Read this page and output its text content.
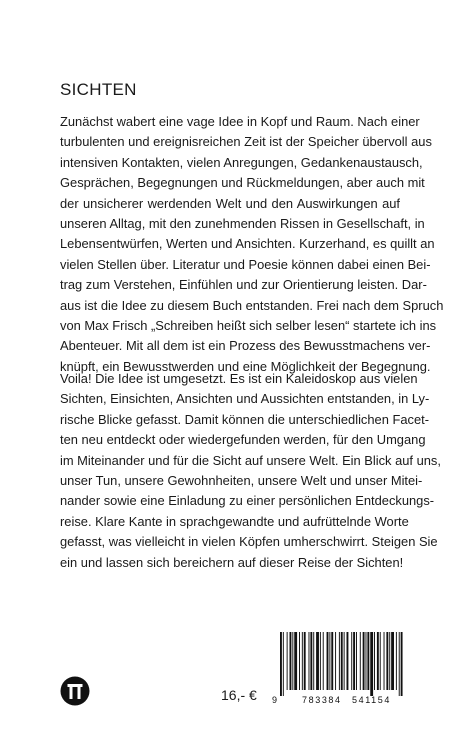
SICHTEN
Zunächst wabert eine vage Idee in Kopf und Raum. Nach einer
turbulenten und ereignisreichen Zeit ist der Speicher übervoll aus
intensiven Kontakten, vielen Anregungen, Gedankenaustausch,
Gesprächen, Begegnungen und Rückmeldungen, aber auch mit
der unsicherer werdenden Welt und den Auswirkungen auf
unseren Alltag, mit den zunehmenden Rissen in Gesellschaft, in
Lebensentwürfen, Werten und Ansichten. Kurzerhand, es quillt an
vielen Stellen über. Literatur und Poesie können dabei einen Bei-
trag zum Verstehen, Einfühlen und zur Orientierung leisten. Dar-
aus ist die Idee zu diesem Buch entstanden. Frei nach dem Spruch
von Max Frisch „Schreiben heißt sich selber lesen“ startete ich ins
Abenteuer. Mit all dem ist ein Prozess des Bewusstmachens ver-
knüpft, ein Bewusstwerden und eine Möglichkeit der Begegnung.
Voila! Die Idee ist umgesetzt. Es ist ein Kaleidoskop aus vielen
Sichten, Einsichten, Ansichten und Aussichten entstanden, in Ly-
rische Blicke gefasst. Damit können die unterschiedlichen Facet-
ten neu entdeckt oder wiedergefunden werden, für den Umgang
im Miteinander und für die Sicht auf unsere Welt. Ein Blick auf uns,
unser Tun, unsere Gewohnheiten, unsere Welt und unser Mitei-
nander sowie eine Einladung zu einer persönlichen Entdeckungs-
reise. Klare Kante in sprachgewandte und aufrüttelnde Worte
gefasst, was vielleicht in vielen Köpfen umherschwirrt. Steigen Sie
ein und lassen sich bereichern auf dieser Reise der Sichten!
16,- € 9	783384 541154
